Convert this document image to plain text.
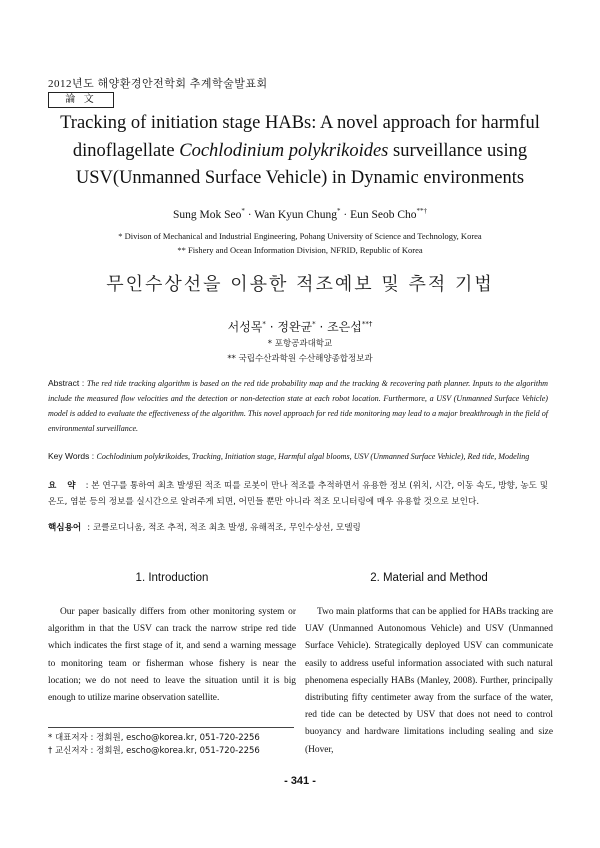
2012년도 해양환경안전학회 추계학술발표회
論 文
Tracking of initiation stage HABs: A novel approach for harmful
dinoflagellate Cochlodinium polykrikoides surveillance using
USV(Unmanned Surface Vehicle) in Dynamic environments
Sung Mok Seo* · Wan Kyun Chung* · Eun Seob Cho**†
* Divison of Mechanical and Industrial Engineering, Pohang University of Science and Technology, Korea
** Fishery and Ocean Information Division, NFRID, Republic of Korea
무인수상선을 이용한 적조예보 및 추적 기법
서성목* · 정완균* · 조은섭**†
* 포항공과대학교
** 국립수산과학원 수산해양종합정보과
Abstract : The red tide tracking algorithm is based on the red tide probability map and the tracking & recovering path planner. Inputs to the algorithm include the measured flow velocities and the detection or non-detection state at each robot location. Furthermore, a USV (Unmanned Surface Vehicle) model is added to evaluate the effectiveness of the algorithm. This novel approach for red tide monitoring may lead to a major breakthrough in the field of environmental surveillance.
Key Words : Cochlodinium polykrikoides, Tracking, Initiation stage, Harmful algal blooms, USV (Unmanned Surface Vehicle), Red tide, Modeling
요 약 : 본 연구를 통하여 최초 발생된 적조 띠를 로봇이 만나 적조를 추적하면서 유용한 정보 (위치, 시간, 이동 속도, 방향, 농도 및 온도, 염분 등의 정보를 실시간으로 알려주게 되면, 어민들 뿐만 아니라 적조 모니터링에 매우 유용할 것으로 보인다.
핵심용어 : 코클로디니움, 적조 추적, 적조 최초 발생, 유해적조, 무인수상선, 모델링
1. Introduction	2. Material and Method

Our paper basically differs from other monitoring system or algorithm in that the USV can track the narrow stripe red tide which indicates the first stage of it, and send a warning message to monitoring team or fisherman whose fishery is near the location; we do not need to leave the situation until it is big enough to utilize marine observation satellite.

Two main platforms that can be applied for HABs tracking are UAV (Unmanned Autonomous Vehicle) and USV (Unmanned Surface Vehicle). Strategically deployed USV can communicate easily to address useful information associated with such natural phenomena especially HABs (Manley, 2008). Further, principally distributing fifty centimeter away from the surface of the water, red tide can be detected by USV that does not need to control buoyancy and hardware limitations including sealing and size (Hover,

* 대표저자 : 정회원, escho@korea.kr, 051-720-2256
† 교신저자 : 정회원, escho@korea.kr, 051-720-2256
- 341 -
